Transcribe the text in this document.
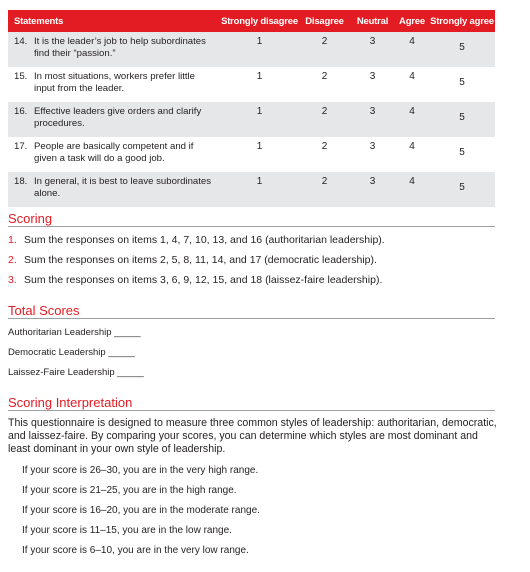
Statements		Strongly disagree	Disagree	Neutral	Agree	Strongly agree
14.	It is the leader’s job to help subordinates find their “passion.”	1	2	3	4	5
15.	In most situations, workers prefer little input from the leader.	1	2	3	4	5
16.	Effective leaders give orders and clarify procedures.	1	2	3	4	5
17.	People are basically competent and if given a task will do a good job.	1	2	3	4	5
18.	In general, it is best to leave subordinates alone.	1	2	3	4	5
Scoring
1. Sum the responses on items 1, 4, 7, 10, 13, and 16 (authoritarian leadership).
2. Sum the responses on items 2, 5, 8, 11, 14, and 17 (democratic leadership).
3. Sum the responses on items 3, 6, 9, 12, 15, and 18 (laissez-faire leadership).
Total Scores
Authoritarian Leadership _____
Democratic Leadership _____
Laissez-Faire Leadership _____
Scoring Interpretation
This questionnaire is designed to measure three common styles of leadership: authoritarian, democratic, and laissez-faire. By comparing your scores, you can determine which styles are most dominant and least dominant in your own style of leadership.
If your score is 26–30, you are in the very high range.
If your score is 21–25, you are in the high range.
If your score is 16–20, you are in the moderate range.
If your score is 11–15, you are in the low range.
If your score is 6–10, you are in the very low range.
